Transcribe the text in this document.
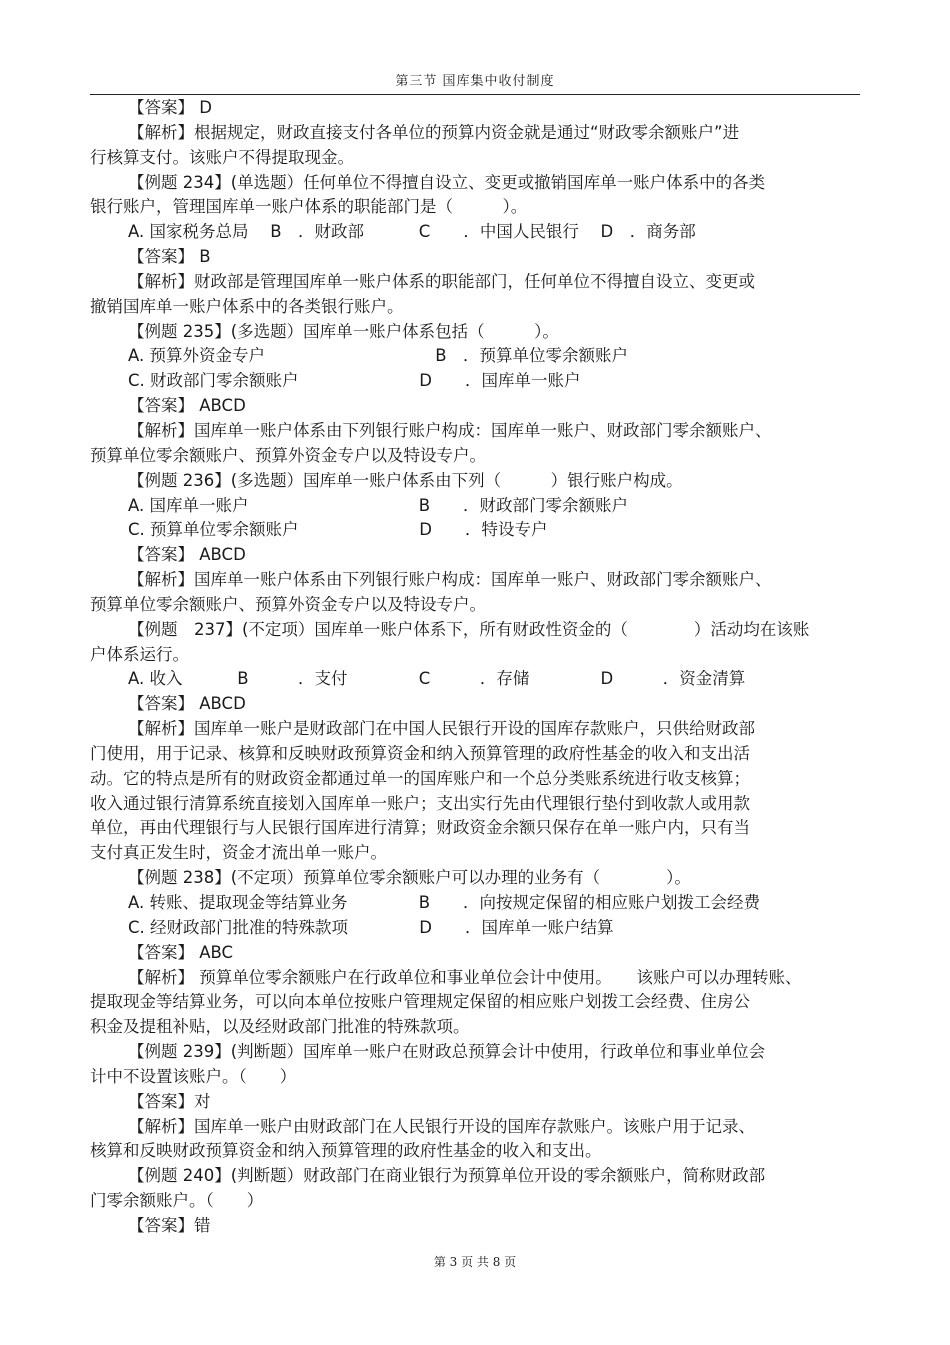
第三节 国库集中收付制度
【答案】 D
【解析】根据规定，财政直接支付各单位的预算内资金就是通过“财政零余额账户”进
行核算支付。该账户不得提取现金。
【例题 234】(单选题）任何单位不得擅自设立、变更或撤销国库单一账户体系中的各类
银行账户，管理国库单一账户体系的职能部门是（　　　）。
A. 国家税务总局　 B　．财政部　　　 C　　．中国人民银行　 D　．商务部
【答案】 B
【解析】财政部是管理国库单一账户体系的职能部门，任何单位不得擅自设立、变更或
撤销国库单一账户体系中的各类银行账户。
【例题 235】(多选题）国库单一账户体系包括（　　　）。
A. 预算外资金专户　　　　　　　　　　 B　．预算单位零余额账户
C. 财政部门零余额账户　　　　　　　 D　　．国库单一账户
【答案】 ABCD
【解析】国库单一账户体系由下列银行账户构成：国库单一账户、财政部门零余额账户、
预算单位零余额账户、预算外资金专户以及特设专户。
【例题 236】(多选题）国库单一账户体系由下列（　　　）银行账户构成。
A. 国库单一账户　　　　　　　　　　 B　　．财政部门零余额账户
C. 预算单位零余额账户　　　　　　　 D　　．特设专户
【答案】 ABCD
【解析】国库单一账户体系由下列银行账户构成：国库单一账户、财政部门零余额账户、
预算单位零余额账户、预算外资金专户以及特设专户。
【例题　237】(不定项）国库单一账户体系下，所有财政性资金的（　　　　）活动均在该账
户体系运行。
A. 收入　　　 B　　　．支付　　　　 C　　　．存储　　　　 D　　　．资金清算
【答案】 ABCD
【解析】国库单一账户是财政部门在中国人民银行开设的国库存款账户，只供给财政部
门使用，用于记录、核算和反映财政预算资金和纳入预算管理的政府性基金的收入和支出活
动。它的特点是所有的财政资金都通过单一的国库账户和一个总分类账系统进行收支核算；
收入通过银行清算系统直接划入国库单一账户；支出实行先由代理银行垫付到收款人或用款
单位，再由代理银行与人民银行国库进行清算；财政资金余额只保存在单一账户内，只有当
支付真正发生时，资金才流出单一账户。
【例题 238】(不定项）预算单位零余额账户可以办理的业务有（　　　　）。
A. 转账、提取现金等结算业务　　　　 B　　．向按规定保留的相应账户划拨工会经费
C. 经财政部门批准的特殊款项　　　　 D　　．国库单一账户结算
【答案】 ABC
【解析】 预算单位零余额账户在行政单位和事业单位会计中使用。　　该账户可以办理转账、
提取现金等结算业务，可以向本单位按账户管理规定保留的相应账户划拨工会经费、住房公
积金及提租补贴，以及经财政部门批准的特殊款项。
【例题 239】(判断题）国库单一账户在财政总预算会计中使用，行政单位和事业单位会
计中不设置该账户。（　　）
【答案】对
【解析】国库单一账户由财政部门在人民银行开设的国库存款账户。该账户用于记录、
核算和反映财政预算资金和纳入预算管理的政府性基金的收入和支出。
【例题 240】(判断题）财政部门在商业银行为预算单位开设的零余额账户，简称财政部
门零余额账户。（　　）
【答案】错
第 3 页 共 8 页
